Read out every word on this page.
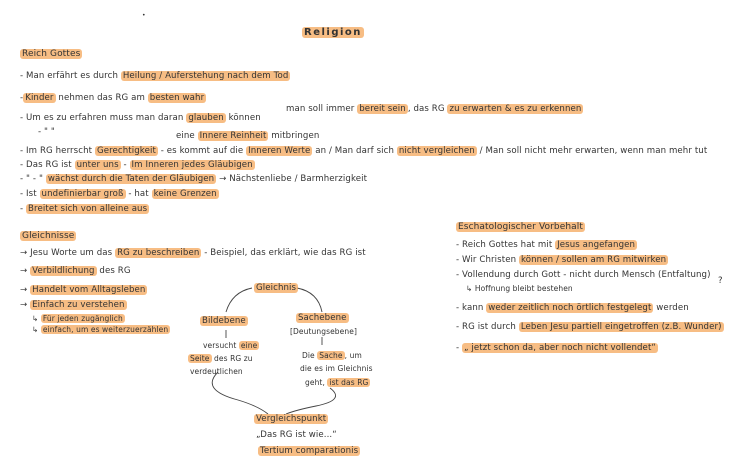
•
Religion
Reich Gottes
- Man erfährt es durch Heilung / Auferstehung nach dem Tod
- Kinder nehmen das RG am besten wahr
- Um es zu erfahren muss man daran glauben können
man soll immer bereit sein , das RG zu erwarten & es zu erkennen
- " "	eine Innere Reinheit mitbringen
- Im RG herrscht Gerechtigkeit - es kommt auf die Inneren Werte an / Man darf sich nicht vergleichen / Man soll nicht mehr erwarten, wenn man mehr tut
- Das RG ist unter uns - Im Inneren jedes Gläubigen
- " - " wächst durch die Taten der Gläubigen → Nächstenliebe / Barmherzigkeit
- Ist undefinierbar groß - hat keine Grenzen
- Breitet sich von alleine aus
Gleichnisse
→ Jesu Worte um das RG zu beschreiben - Beispiel, das erklärt, wie das RG ist
→ Verbildlichung des RG
→ Handelt vom Alltagsleben
→ Einfach zu verstehen
↳ Für jeden zugänglich
↳ einfach, um es weiterzuerzählen
Gleichnis
Bildebene
versucht eine
Seite des RG zu
verdeutlichen
Sachebene
[Deutungsebene]
Die Sache , um
die es im Gleichnis
geht, ist das RG
Vergleichspunkt
„Das RG ist wie...“
Tertium comparationis
Eschatologischer Vorbehalt
- Reich Gottes hat mit Jesus angefangen
- Wir Christen können / sollen am RG mitwirken
- Vollendung durch Gott - nicht durch Mensch (Entfaltung)
?
↳ Hoffnung bleibt bestehen
- kann weder zeitlich noch örtlich festgelegt werden
- RG ist durch Leben Jesu partiell eingetroffen (z.B. Wunder)
- „ jetzt schon da, aber noch nicht vollendet“
